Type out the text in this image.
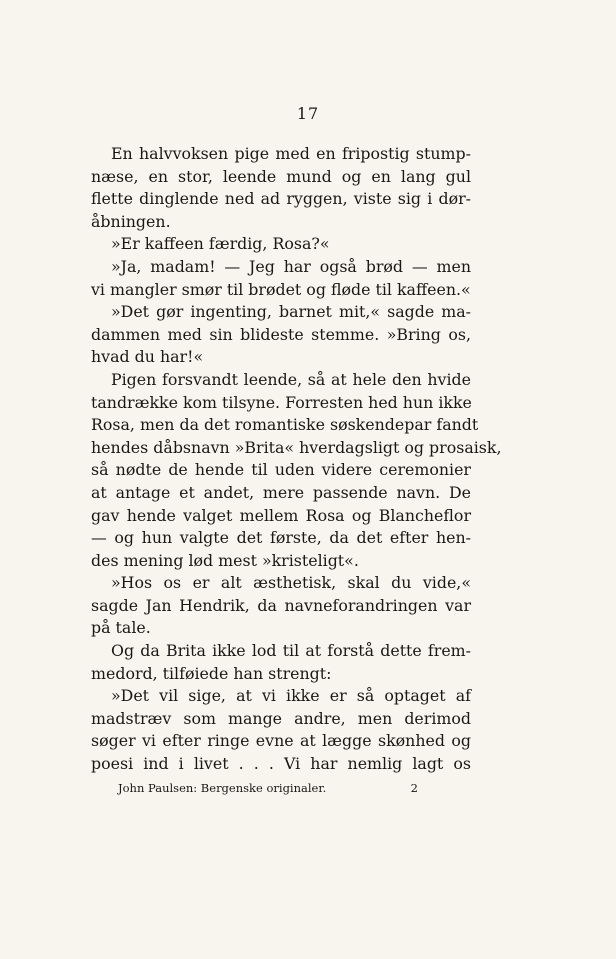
17
En halvvoksen pige med en fripostig stump-
næse, en stor, leende mund og en lang gul
flette dinglende ned ad ryggen, viste sig i dør-
åbningen.
»Er kaffeen færdig, Rosa?«
»Ja, madam! — Jeg har også brød — men
vi mangler smør til brødet og fløde til kaffeen.«
»Det gør ingenting, barnet mit,« sagde ma-
dammen med sin blideste stemme. »Bring os,
hvad du har!«
Pigen forsvandt leende, så at hele den hvide
tandrække kom tilsyne. Forresten hed hun ikke
Rosa, men da det romantiske søskendepar fandt
hendes dåbsnavn »Brita« hverdagsligt og prosaisk,
så nødte de hende til uden videre ceremonier
at antage et andet, mere passende navn. De
gav hende valget mellem Rosa og Blancheflor
— og hun valgte det første, da det efter hen-
des mening lød mest »kristeligt«.
»Hos os er alt æsthetisk, skal du vide,«
sagde Jan Hendrik, da navneforandringen var
på tale.
Og da Brita ikke lod til at forstå dette frem-
medord, tilføiede han strengt:
»Det vil sige, at vi ikke er så optaget af
madstræv som mange andre, men derimod
søger vi efter ringe evne at lægge skønhed og
poesi ind i livet . . . Vi har nemlig lagt os
John Paulsen: Bergenske originaler.	2
